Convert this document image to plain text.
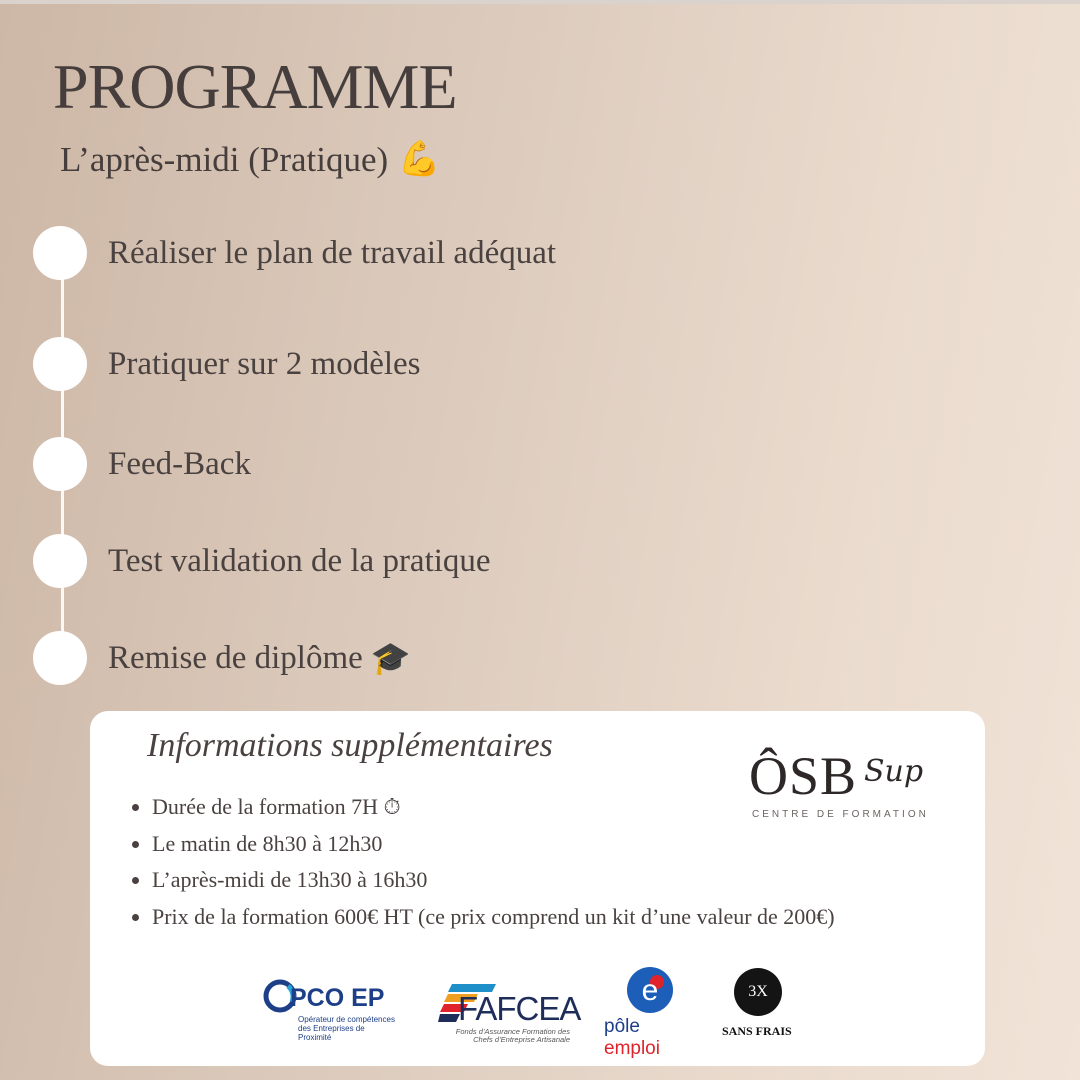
PROGRAMME
L’après-midi (Pratique) 💪
Réaliser le plan de travail adéquat
Pratiquer sur 2 modèles
Feed-Back
Test validation de la pratique
Remise de diplôme 🎓
Informations supplémentaires
ÔSB Sup
CENTRE DE FORMATION
• Durée de la formation 7H ⏱
• Le matin de 8h30 à 12h30
• L’après-midi de 13h30 à 16h30
• Prix de la formation 600€ HT (ce prix comprend un kit d’une valeur de 200€)
PCO EP
Opérateur de compétences des Entreprises de Proximité
FAFCEA
Fonds d’Assurance Formation des Chefs d’Entreprise Artisanale
e
pôle emploi
3X
SANS FRAIS
